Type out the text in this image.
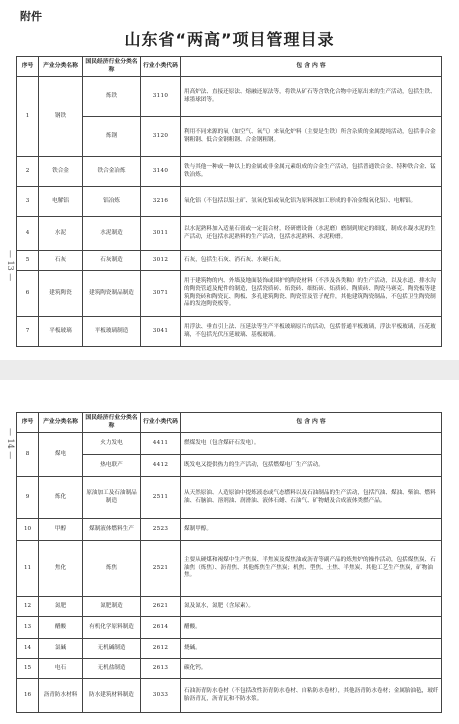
附件
山东省“两高”项目管理目录
— 13 —
序号	产业分类名称	国民经济行业分类名称	行业小类代码	包 含 内 容
1	钢铁	炼铁	3110	用高炉法、直接还原法、熔融还原法等，将铁从矿石等含铁化合物中还原出来的生产活动，包括生铁、球墨球团等。
		炼钢	3120	利用不同来源的氧（如空气、氧气）来氧化炉料（主要是生铁）所含杂质的金属提纯活动，包括非合金钢粗钢、低合金钢粗钢、合金钢粗钢。
2	铁合金	铁合金冶炼	3140	铁与其他一种或一种以上的金属或非金属元素组成的合金生产活动，包括普通铁合金、特种铁合金、锰铁冶炼。
3	电解铝	铝冶炼	3216	氧化铝（不包括以铝土矿、氢氧化铝或氧化铝为原料深加工形成的非冶金级氧化铝）、电解铝。
4	水泥	水泥制造	3011	以水泥熟料加入适量石膏或一定混合材，经研磨设备（水泥磨）磨制到规定的细度，制成水凝水泥的生产活动，还包括水泥熟料的生产活动，包括水泥熟料、水泥粉磨。
5	石灰	石灰制造	3012	石灰，包括生石灰、消石灰、水硬石灰。
6	建筑陶瓷	建筑陶瓷制品制造	3071	用于建筑物的内、外墙及地面装饰或围护的陶瓷材料（不涉及各类釉）的生产活动，以及水道、排水沟的陶瓷管道及配件的制造，包括瓷质砖、炻瓷砖、细炻砖、炻质砖、陶质砖、陶瓷马赛克、陶瓷板等建筑陶瓷砖和陶瓷瓦、陶板、多孔建筑陶瓷、陶瓷管及管子配件，其他建筑陶瓷制品，不包括卫生陶瓷制品的发泡陶瓷板等。
7	平板玻璃	平板玻璃制造	3041	用浮法、垂直引上法、压延法等生产平板玻璃原片的活动，包括普通平板玻璃，浮法平板玻璃，压花玻璃，不包括光伏压延玻璃、基板玻璃。
— 14 —
序号	产业分类名称	国民经济行业分类名称	行业小类代码	包 含 内 容
8	煤电	火力发电	4411	燃煤发电（包含煤矸石发电）。
		热电联产	4412	既发电又提供热力的生产活动，包括燃煤电厂生产活动。
9	炼化	原油加工及石油制品制造	2511	从天然原油、人造原油中提炼液态或气态燃料以及石油制品的生产活动，包括汽油、煤油、柴油、燃料油、石脑油、溶剂油、润滑油、液体石蜡、石油气、矿物蜡及合成液体类燃产品。
10	甲醇	煤制液体燃料生产	2523	煤制甲醇。
11	焦化	炼焦	2521	主要从硬煤和褐煤中生产焦炭、半焦炭及煤焦油或沥青等副产品的炼焦炉的操作活动，包括煤焦炭、石油焦（炼焦）、沥青焦、其他炼焦生产焦炭；机焦、型焦、土焦、半焦炭、其他工艺生产焦炭，矿物油焦。
12	氮肥	氮肥制造	2621	氮及氮水，氮肥（含尿素）。
13	醋酸	有机化学原料制造	2614	醋酸。
14	氯碱	无机碱制造	2612	烧碱。
15	电石	无机盐制造	2613	碳化钙。
16	沥青防水材料	防水建筑材料制造	3033	石油沥青防水卷材（不包括改性沥青防水卷材、自粘防水卷材），其他沥青防水卷材；金属胎油毡，玻纤胎沥青瓦，沥青瓦和不防水浆。
